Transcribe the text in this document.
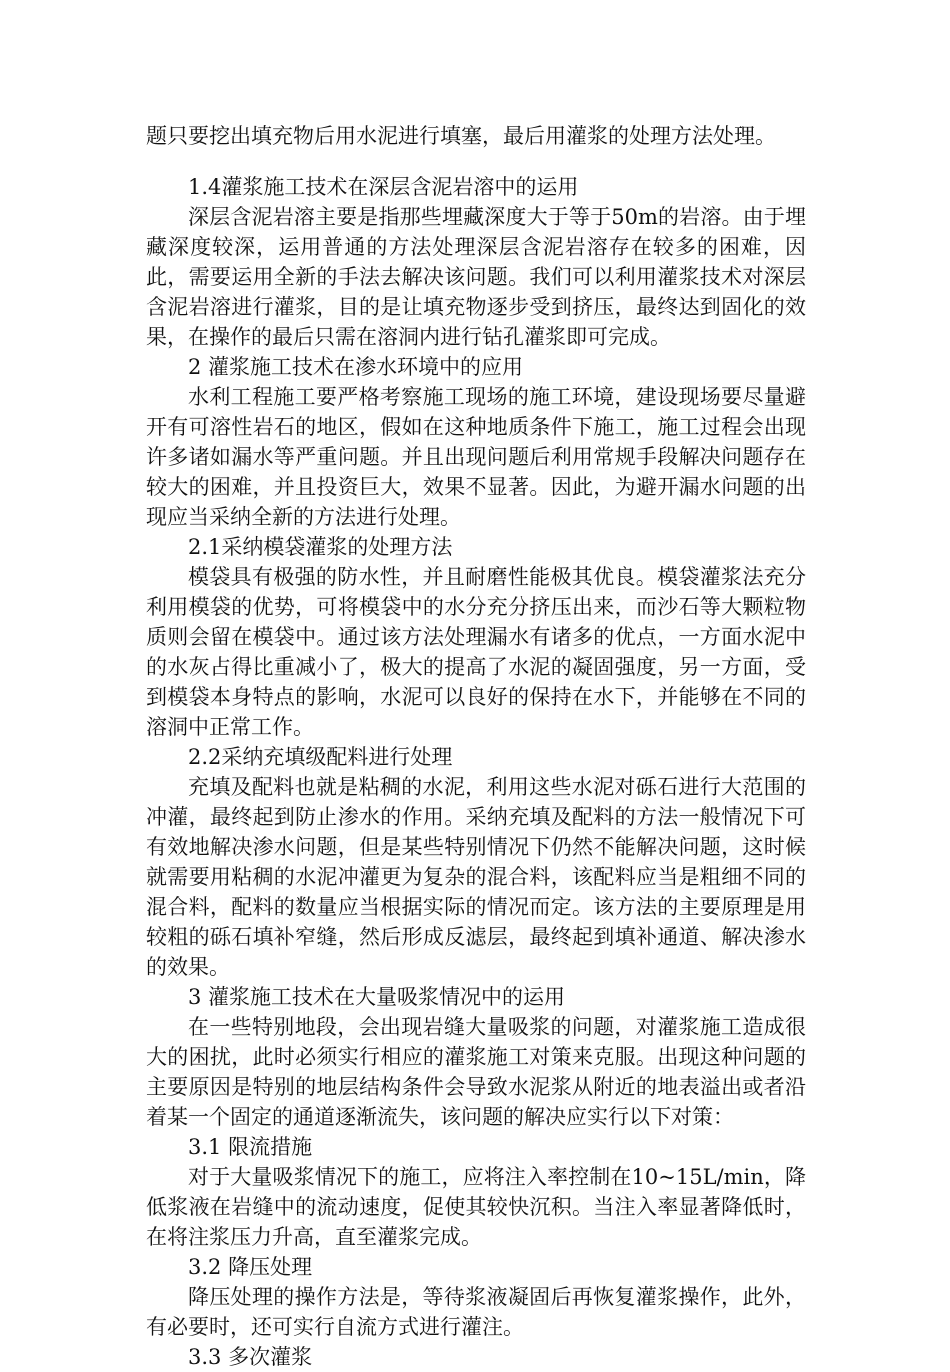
题只要挖出填充物后用水泥进行填塞，最后用灌浆的处理方法处理。

1.4灌浆施工技术在深层含泥岩溶中的运用

深层含泥岩溶主要是指那些埋藏深度大于等于50m的岩溶。由于埋藏深度较深，运用普通的方法处理深层含泥岩溶存在较多的困难，因此，需要运用全新的手法去解决该问题。我们可以利用灌浆技术对深层含泥岩溶进行灌浆，目的是让填充物逐步受到挤压，最终达到固化的效果，在操作的最后只需在溶洞内进行钻孔灌浆即可完成。

2 灌浆施工技术在渗水环境中的应用

水利工程施工要严格考察施工现场的施工环境，建设现场要尽量避开有可溶性岩石的地区，假如在这种地质条件下施工，施工过程会出现许多诸如漏水等严重问题。并且出现问题后利用常规手段解决问题存在较大的困难，并且投资巨大，效果不显著。因此，为避开漏水问题的出现应当采纳全新的方法进行处理。

2.1采纳模袋灌浆的处理方法

模袋具有极强的防水性，并且耐磨性能极其优良。模袋灌浆法充分利用模袋的优势，可将模袋中的水分充分挤压出来，而沙石等大颗粒物质则会留在模袋中。通过该方法处理漏水有诸多的优点，一方面水泥中的水灰占得比重减小了，极大的提高了水泥的凝固强度，另一方面，受到模袋本身特点的影响，水泥可以良好的保持在水下，并能够在不同的溶洞中正常工作。

2.2采纳充填级配料进行处理

充填及配料也就是粘稠的水泥，利用这些水泥对砾石进行大范围的冲灌，最终起到防止渗水的作用。采纳充填及配料的方法一般情况下可有效地解决渗水问题，但是某些特别情况下仍然不能解决问题，这时候就需要用粘稠的水泥冲灌更为复杂的混合料，该配料应当是粗细不同的混合料，配料的数量应当根据实际的情况而定。该方法的主要原理是用较粗的砾石填补窄缝，然后形成反滤层，最终起到填补通道、解决渗水的效果。

3 灌浆施工技术在大量吸浆情况中的运用

在一些特别地段，会出现岩缝大量吸浆的问题，对灌浆施工造成很大的困扰，此时必须实行相应的灌浆施工对策来克服。出现这种问题的主要原因是特别的地层结构条件会导致水泥浆从附近的地表溢出或者沿着某一个固定的通道逐渐流失，该问题的解决应实行以下对策：

3.1 限流措施

对于大量吸浆情况下的施工，应将注入率控制在10~15L/min，降低浆液在岩缝中的流动速度，促使其较快沉积。当注入率显著降低时，在将注浆压力升高，直至灌浆完成。

3.2 降压处理

降压处理的操作方法是，等待浆液凝固后再恢复灌浆操作，此外，有必要时，还可实行自流方式进行灌注。

3.3 多次灌浆
